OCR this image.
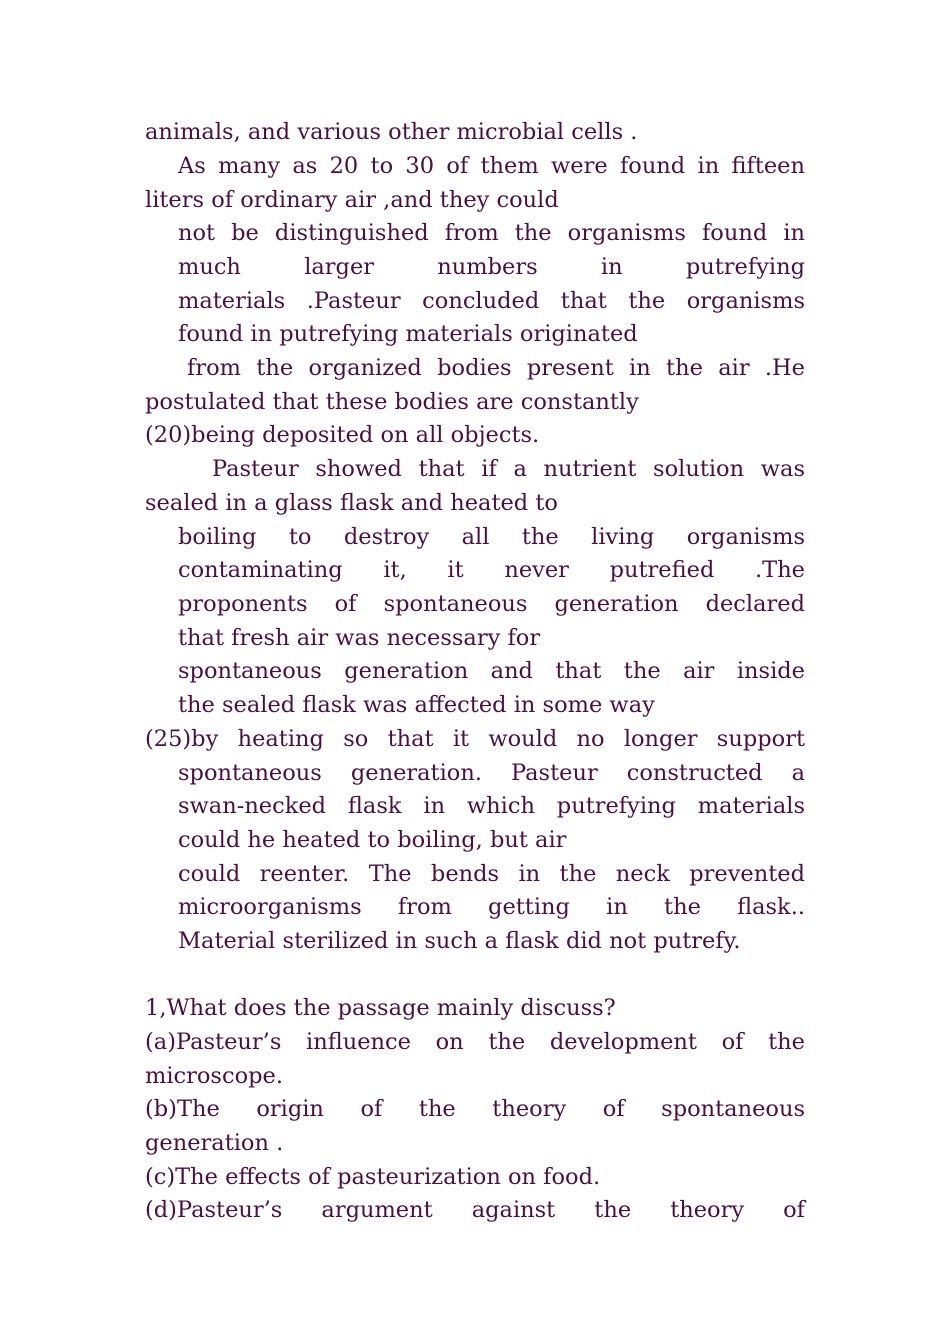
animals, and various other microbial cells .
As many as 20 to 30 of them were found in fifteen
liters of ordinary air ,and they could
not be distinguished from the organisms found in
much larger numbers in putrefying
materials .Pasteur concluded that the organisms
found in putrefying materials originated
from the organized bodies present in the air .He
postulated that these bodies are constantly
(20)being deposited on all objects.
Pasteur showed that if a nutrient solution was
sealed in a glass flask and heated to
boiling to destroy all the living organisms
contaminating it, it never putrefied .The
proponents of spontaneous generation declared
that fresh air was necessary for
spontaneous generation and that the air inside
the sealed flask was affected in some way
(25)by heating so that it would no longer support
spontaneous generation. Pasteur constructed a
swan-necked flask in which putrefying materials
could he heated to boiling, but air
could reenter. The bends in the neck prevented
microorganisms from getting in the flask..
Material sterilized in such a flask did not putrefy.
1,What does the passage mainly discuss?
(a)Pasteur’s influence on the development of the
microscope.
(b)The origin of the theory of spontaneous
generation .
(c)The effects of pasteurization on food.
(d)Pasteur’s argument against the theory of
